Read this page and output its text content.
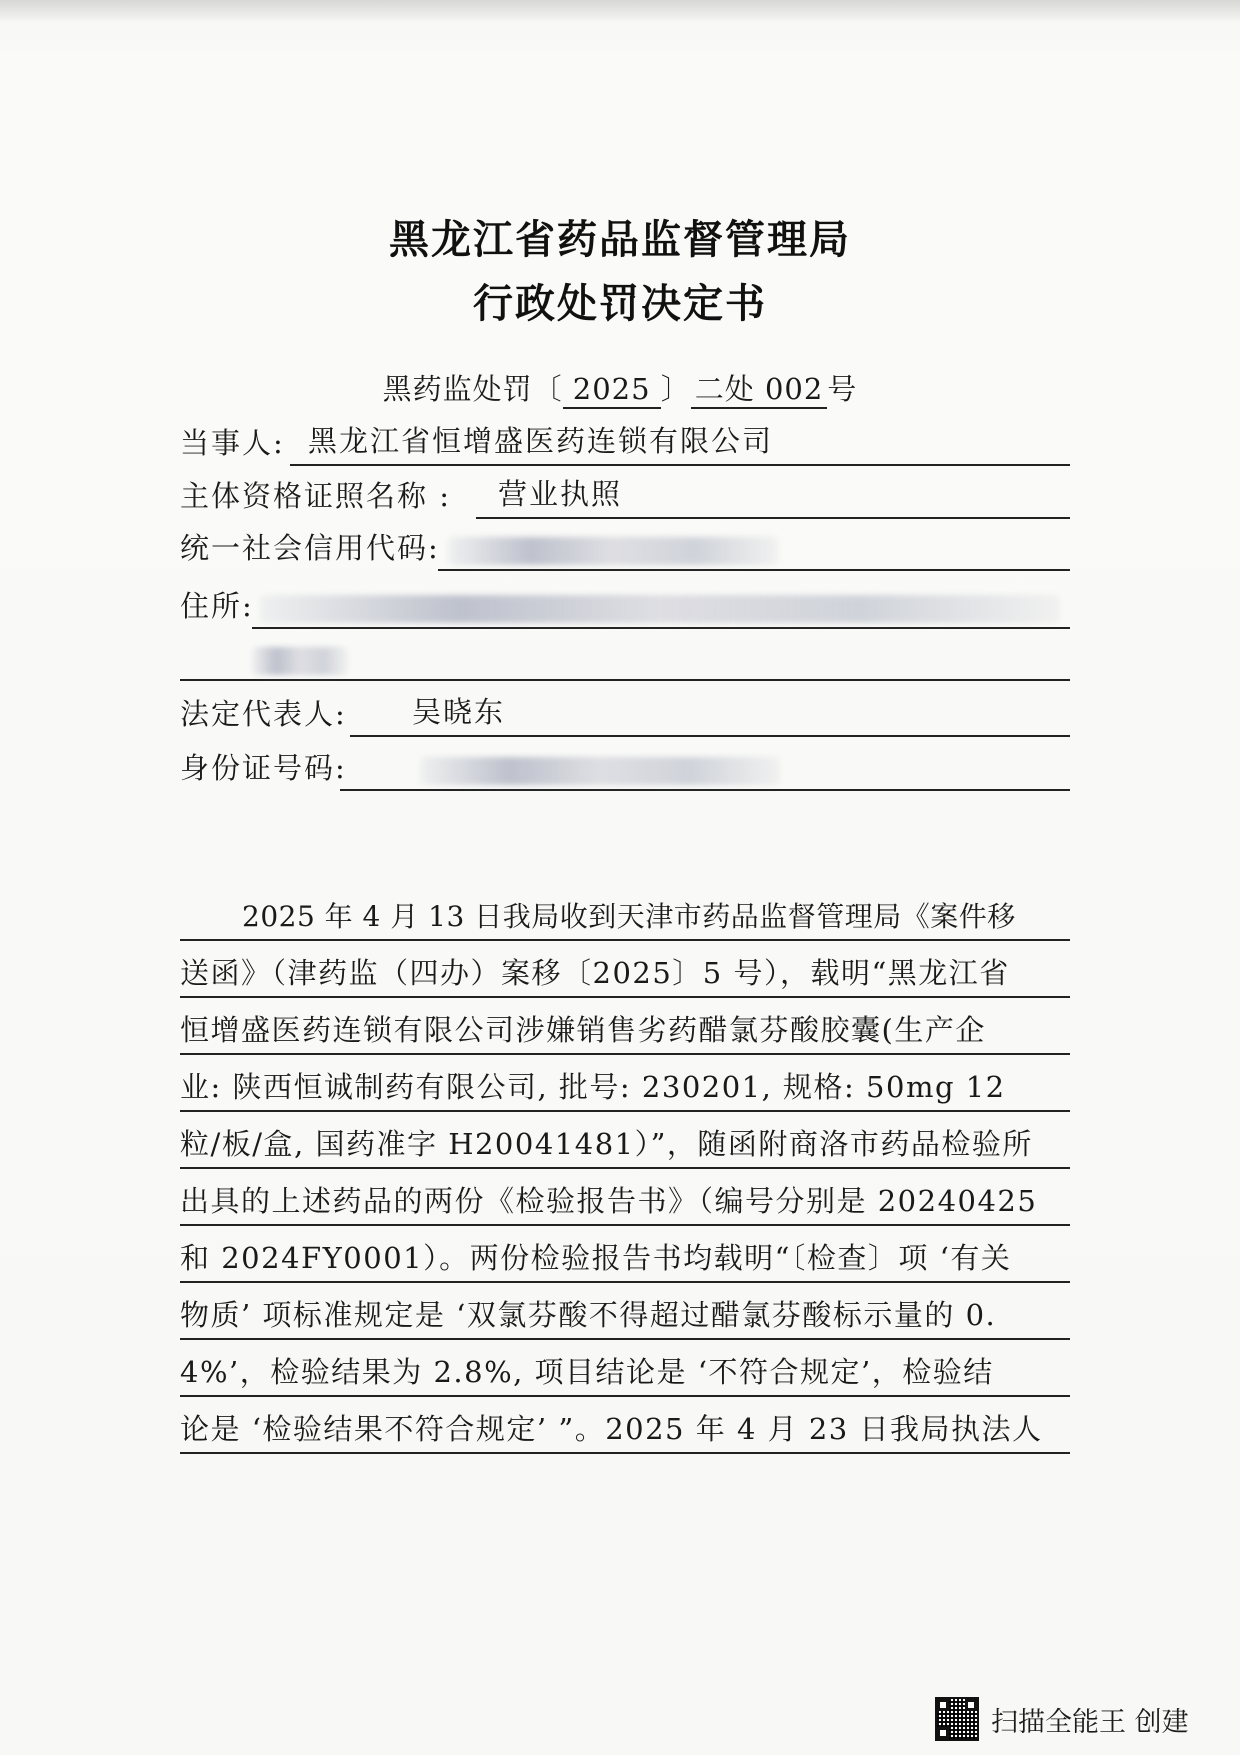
黑龙江省药品监督管理局
行政处罚决定书
黑药监处罚〔 2025 〕 二处 002 号
当事人: 黑龙江省恒增盛医药连锁有限公司
主体资格证照名称 : 营业执照
统一社会信用代码:
住所:
法定代表人: 吴晓东
身份证号码:
2025 年 4 月 13 日我局收到天津市药品监督管理局《案件移
送函》（津药监（四办）案移〔2025〕5 号），载明“黑龙江省
恒增盛医药连锁有限公司涉嫌销售劣药醋氯芬酸胶囊(生产企
业: 陕西恒诚制药有限公司, 批号: 230201, 规格: 50mg 12
粒/板/盒, 国药准字 H20041481）”，随函附商洛市药品检验所
出具的上述药品的两份《检验报告书》（编号分别是 20240425
和 2024FY0001）。两份检验报告书均载明“〔检查〕项 ‘有关
物质’ 项标准规定是 ‘双氯芬酸不得超过醋氯芬酸标示量的 0.
4%’，检验结果为 2.8%, 项目结论是 ‘不符合规定’，检验结
论是 ‘检验结果不符合规定’ ”。2025 年 4 月 23 日我局执法人
扫描全能王 创建
